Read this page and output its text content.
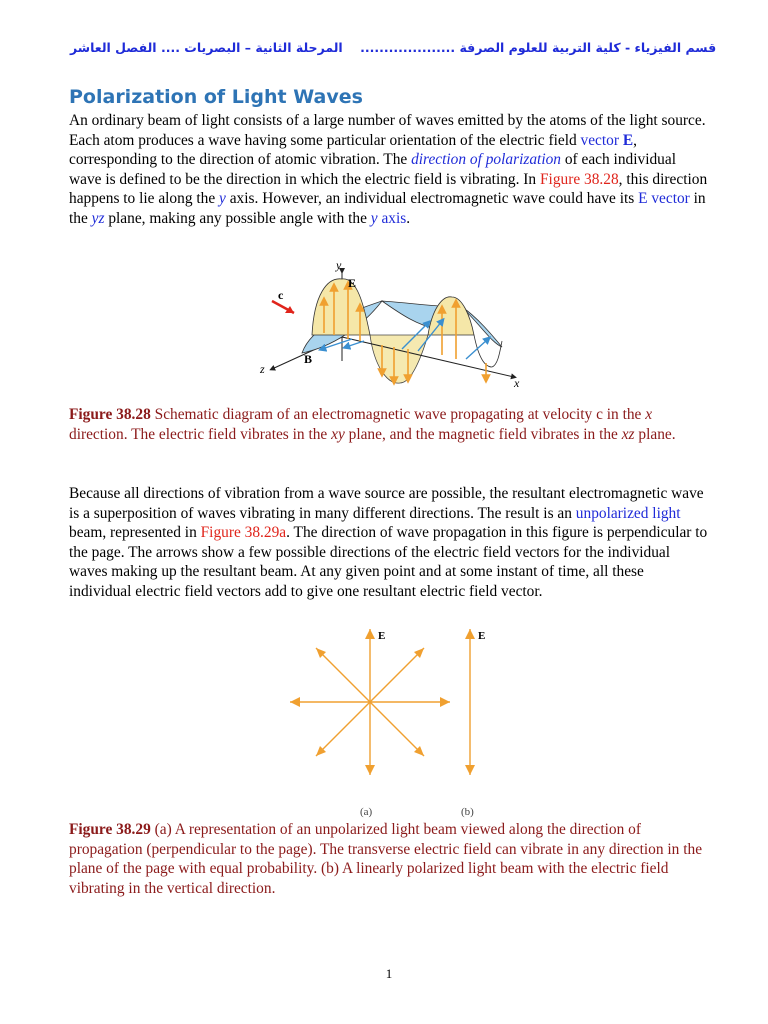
قسم الفيزياء - كلية التربية للعلوم الصرفة ....................    المرحلة الثانية – البصريات .... الفصل العاشر
Polarization of Light Waves

An ordinary beam of light consists of a large number of waves emitted by the atoms of the light source. Each atom produces a wave having some particular orientation of the electric field vector E, corresponding to the direction of atomic vibration. The direction of polarization of each individual wave is defined to be the direction in which the electric field is vibrating. In Figure 38.28, this direction happens to lie along the y axis. However, an individual electromagnetic wave could have its E vector in the yz plane, making any possible angle with the y axis.

y
E
c
B
z
x

Figure 38.28 Schematic diagram of an electromagnetic wave propagating at velocity c in the x direction. The electric field vibrates in the xy plane, and the magnetic field vibrates in the xz plane.

Because all directions of vibration from a wave source are possible, the resultant electromagnetic wave is a superposition of waves vibrating in many different directions. The result is an unpolarized light beam, represented in Figure 38.29a. The direction of wave propagation in this figure is perpendicular to the page. The arrows show a few possible directions of the electric field vectors for the individual waves making up the resultant beam. At any given point and at some instant of time, all these individual electric field vectors add to give one resultant electric field vector.

E	E
(a)	(b)

Figure 38.29 (a) A representation of an unpolarized light beam viewed along the direction of propagation (perpendicular to the page). The transverse electric field can vibrate in any direction in the plane of the page with equal probability. (b) A linearly polarized light beam with the electric field vibrating in the vertical direction.

1
